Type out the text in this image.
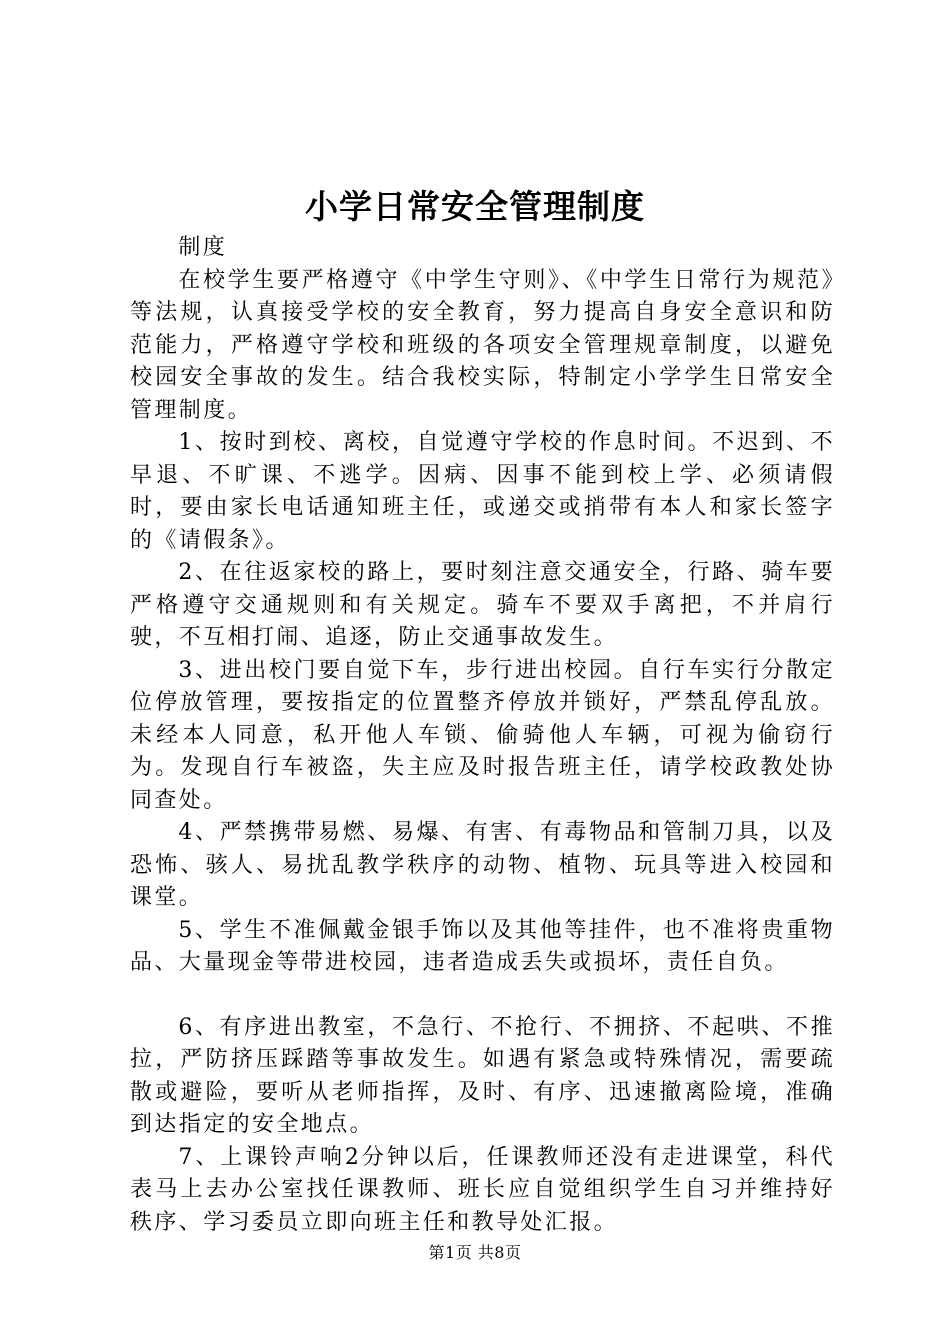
小学日常安全管理制度

制度

在校学生要严格遵守《中学生守则》、《中学生日常行为规范》等法规，认真接受学校的安全教育，努力提高自身安全意识和防范能力，严格遵守学校和班级的各项安全管理规章制度，以避免校园安全事故的发生。结合我校实际，特制定小学学生日常安全管理制度。

1、按时到校、离校，自觉遵守学校的作息时间。不迟到、不早退、不旷课、不逃学。因病、因事不能到校上学、必须请假时，要由家长电话通知班主任，或递交或捎带有本人和家长签字的《请假条》。

2、在往返家校的路上，要时刻注意交通安全，行路、骑车要严格遵守交通规则和有关规定。骑车不要双手离把，不并肩行驶，不互相打闹、追逐，防止交通事故发生。

3、进出校门要自觉下车，步行进出校园。自行车实行分散定位停放管理，要按指定的位置整齐停放并锁好，严禁乱停乱放。未经本人同意，私开他人车锁、偷骑他人车辆，可视为偷窃行为。发现自行车被盗，失主应及时报告班主任，请学校政教处协同查处。

4、严禁携带易燃、易爆、有害、有毒物品和管制刀具，以及恐怖、骇人、易扰乱教学秩序的动物、植物、玩具等进入校园和课堂。

5、学生不准佩戴金银手饰以及其他等挂件，也不准将贵重物品、大量现金等带进校园，违者造成丢失或损坏，责任自负。

6、有序进出教室，不急行、不抢行、不拥挤、不起哄、不推拉，严防挤压踩踏等事故发生。如遇有紧急或特殊情况，需要疏散或避险，要听从老师指挥，及时、有序、迅速撤离险境，准确到达指定的安全地点。

7、上课铃声响2分钟以后，任课教师还没有走进课堂，科代表马上去办公室找任课教师、班长应自觉组织学生自习并维持好秩序、学习委员立即向班主任和教导处汇报。

第1页 共8页
